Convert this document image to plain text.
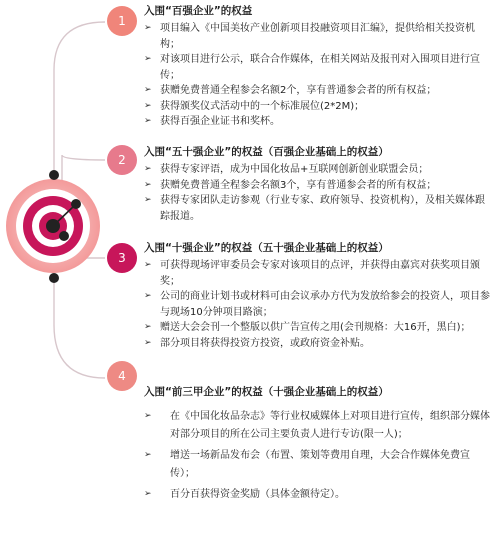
1
2
3
4
入围“百强企业”的权益
➢ 项目编入《中国美妆产业创新项目投融资项目汇编》，提供给相关投资机构；
➢ 对该项目进行公示，联合合作媒体，在相关网站及报刊对入围项目进行宣传；
➢ 获赠免费普通全程参会名额2个，享有普通参会者的所有权益；
➢ 获得颁奖仪式活动中的一个标准展位(2*2M)；
➢ 获得百强企业证书和奖杯。
入围“五十强企业”的权益（百强企业基础上的权益）
➢ 获得专家评语，成为中国化妆品+互联网创新创业联盟会员；
➢ 获赠免费普通全程参会名额3个，享有普通参会者的所有权益；
➢ 获得专家团队走访参观（行业专家、政府领导、投资机构），及相关媒体跟踪报道。
入围“十强企业”的权益（五十强企业基础上的权益）
➢ 可获得现场评审委员会专家对该项目的点评，并获得由嘉宾对获奖项目颁奖；
➢ 公司的商业计划书或材料可由会议承办方代为发放给参会的投资人，项目参与现场10分钟项目路演；
➢ 赠送大会会刊一个整版以供广告宣传之用(会刊规格：大16开，黑白)；
➢ 部分项目将获得投资方投资，或政府资金补贴。
入围“前三甲企业”的权益（十强企业基础上的权益）
➢ 在《中国化妆品杂志》等行业权威媒体上对项目进行宣传，组织部分媒体对部分项目的所在公司主要负责人进行专访(限一人)；
➢ 增送一场新品发布会（布置、策划等费用自理，大会合作媒体免费宣传）；
➢ 百分百获得资金奖励（具体金额待定）。
